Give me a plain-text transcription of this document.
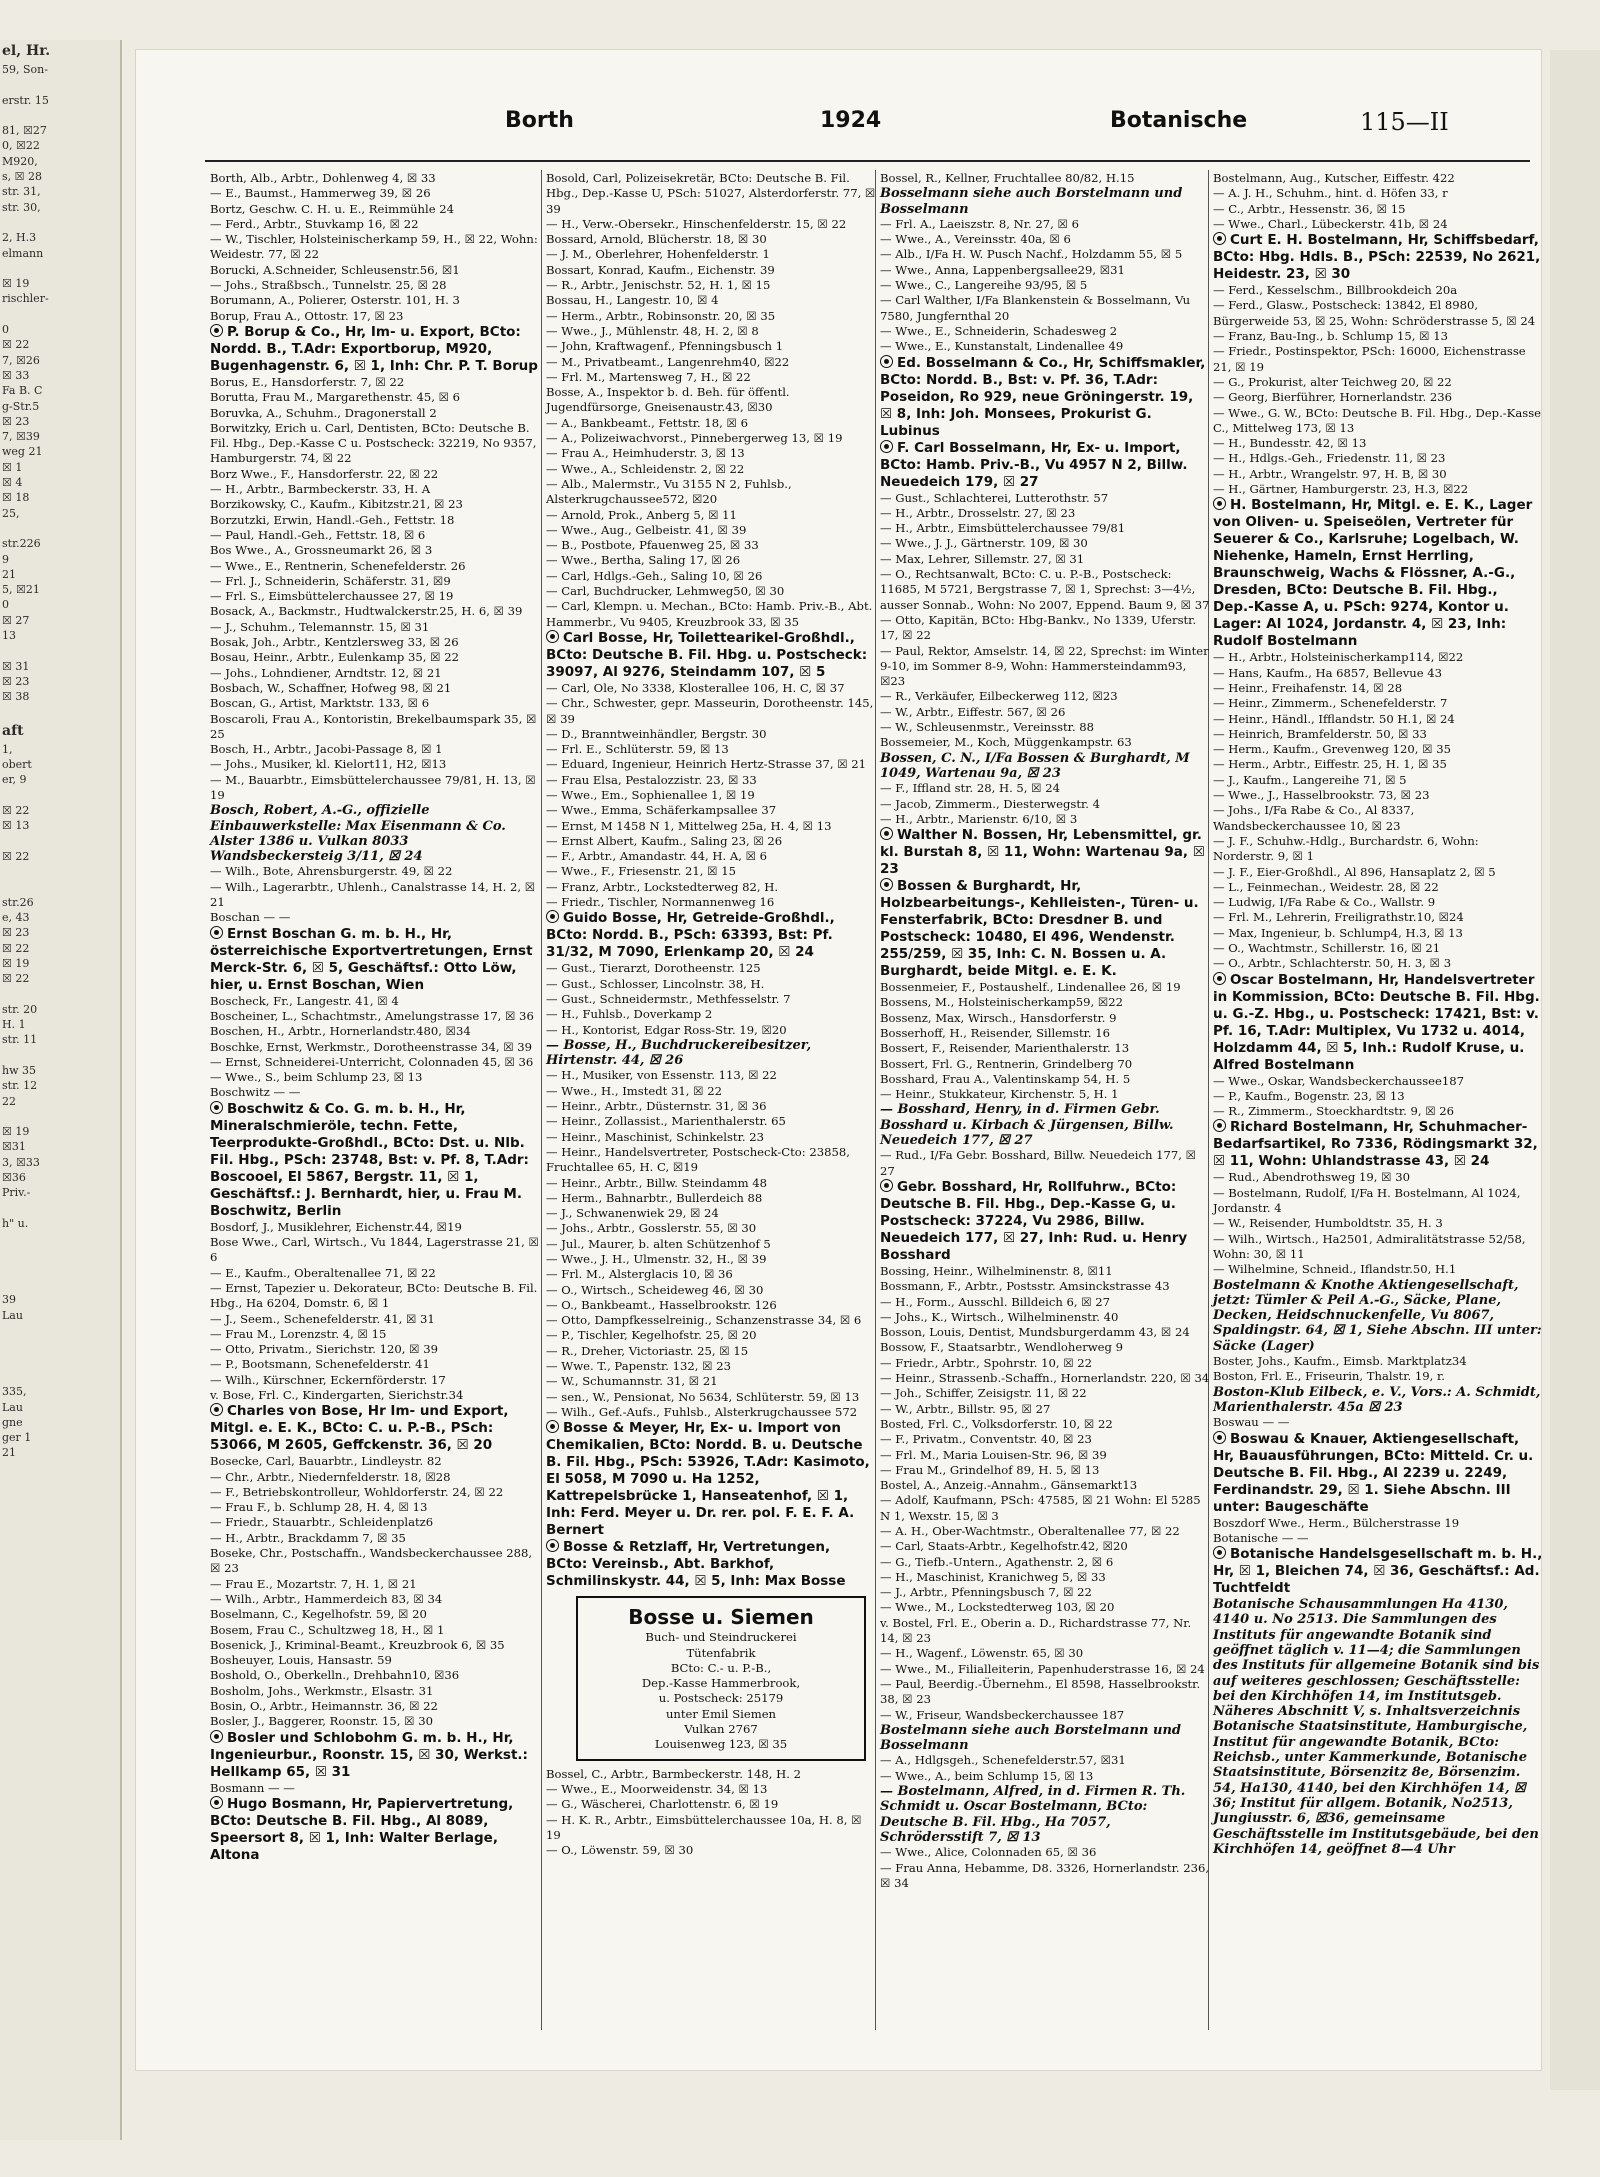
el, Hr.
59, Son-

erstr. 15

81, ☒27
0, ☒22
M920,
s, ☒ 28
str. 31,
str. 30,

2, H.3
elmann

☒ 19
rischler-

0
☒ 22
7, ☒26
☒ 33
Fa B. C
g-Str.5
☒ 23
7, ☒39
weg 21
☒ 1
☒ 4
☒ 18
25,

str.226
9
21
5, ☒21
0
☒ 27
13

☒ 31
☒ 23
☒ 38

aft
1,
obert
er, 9

☒ 22
☒ 13

☒ 22

str.26
e, 43
☒ 23
☒ 22
☒ 19
☒ 22

str. 20
H. 1
str. 11

hw 35
str. 12
22

☒ 19
☒31
3, ☒33
☒36
Priv.-

h" u.

39
Lau

335,
Lau
gne
ger 1
21
Borth	1924	Botanische	115—II
Borth, Alb., Arbtr., Dohlenweg 4, ☒ 33
— E., Baumst., Hammerweg 39, ☒ 26
Bortz, Geschw. C. H. u. E., Reimmühle 24
— Ferd., Arbtr., Stuvkamp 16, ☒ 22
— W., Tischler, Holsteinischerkamp 59, H., ☒ 22, Wohn: Weidestr. 77, ☒ 22
Borucki, A.Schneider, Schleusenstr.56, ☒1
— Johs., Straßbsch., Tunnelstr. 25, ☒ 28
Borumann, A., Polierer, Osterstr. 101, H. 3
Borup, Frau A., Ottostr. 17, ☒ 23
P. Borup & Co., Hr, Im- u. Export, BCto: Nordd. B., T.Adr: Exportborup, M920, Bugenhagenstr. 6, ☒ 1, Inh: Chr. P. T. Borup
Borus, E., Hansdorferstr. 7, ☒ 22
Borutta, Frau M., Margarethenstr. 45, ☒ 6
Boruvka, A., Schuhm., Dragonerstall 2
Borwitzky, Erich u. Carl, Dentisten, BCto: Deutsche B. Fil. Hbg., Dep.-Kasse C u. Postscheck: 32219, No 9357, Hamburgerstr. 74, ☒ 22
Borz Wwe., F., Hansdorferstr. 22, ☒ 22
— H., Arbtr., Barmbeckerstr. 33, H. A
Borzikowsky, C., Kaufm., Kibitzstr.21, ☒ 23
Borzutzki, Erwin, Handl.-Geh., Fettstr. 18
— Paul, Handl.-Geh., Fettstr. 18, ☒ 6
Bos Wwe., A., Grossneumarkt 26, ☒ 3
— Wwe., E., Rentnerin, Schenefelderstr. 26
— Frl. J., Schneiderin, Schäferstr. 31, ☒9
— Frl. S., Eimsbüttelerchaussee 27, ☒ 19
Bosack, A., Backmstr., Hudtwalckerstr.25, H. 6, ☒ 39
— J., Schuhm., Telemannstr. 15, ☒ 31
Bosak, Joh., Arbtr., Kentzlersweg 33, ☒ 26
Bosau, Heinr., Arbtr., Eulenkamp 35, ☒ 22
— Johs., Lohndiener, Arndtstr. 12, ☒ 21
Bosbach, W., Schaffner, Hofweg 98, ☒ 21
Boscan, G., Artist, Marktstr. 133, ☒ 6
Boscaroli, Frau A., Kontoristin, Brekelbaumspark 35, ☒ 25
Bosch, H., Arbtr., Jacobi-Passage 8, ☒ 1
— Johs., Musiker, kl. Kielort11, H2, ☒13
— M., Bauarbtr., Eimsbüttelerchaussee 79/81, H. 13, ☒ 19
Bosch, Robert, A.-G., offizielle Einbauwerkstelle: Max Eisenmann & Co. Alster 1386 u. Vulkan 8033 Wandsbeckersteig 3/11, ☒ 24
— Wilh., Bote, Ahrensburgerstr. 49, ☒ 22
— Wilh., Lagerarbtr., Uhlenh., Canalstrasse 14, H. 2, ☒ 21
Boschan — —
Ernst Boschan G. m. b. H., Hr, österreichische Exportvertretungen, Ernst Merck-Str. 6, ☒ 5, Geschäftsf.: Otto Löw, hier, u. Ernst Boschan, Wien
Boscheck, Fr., Langestr. 41, ☒ 4
Boscheiner, L., Schachtmstr., Amelungstrasse 17, ☒ 36
Boschen, H., Arbtr., Hornerlandstr.480, ☒34
Boschke, Ernst, Werkmstr., Dorotheenstrasse 34, ☒ 39
— Ernst, Schneiderei-Unterricht, Colonnaden 45, ☒ 36
— Wwe., S., beim Schlump 23, ☒ 13
Boschwitz — —
Boschwitz & Co. G. m. b. H., Hr, Mineralschmieröle, techn. Fette, Teerprodukte-Großhdl., BCto: Dst. u. Nlb. Fil. Hbg., PSch: 23748, Bst: v. Pf. 8, T.Adr: Boscooel, El 5867, Bergstr. 11, ☒ 1, Geschäftsf.: J. Bernhardt, hier, u. Frau M. Boschwitz, Berlin
Bosdorf, J., Musiklehrer, Eichenstr.44, ☒19
Bose Wwe., Carl, Wirtsch., Vu 1844, Lagerstrasse 21, ☒ 6
— E., Kaufm., Oberaltenallee 71, ☒ 22
— Ernst, Tapezier u. Dekorateur, BCto: Deutsche B. Fil. Hbg., Ha 6204, Domstr. 6, ☒ 1
— J., Seem., Schenefelderstr. 41, ☒ 31
— Frau M., Lorenzstr. 4, ☒ 15
— Otto, Privatm., Sierichstr. 120, ☒ 39
— P., Bootsmann, Schenefelderstr. 41
— Wilh., Kürschner, Eckernförderstr. 17
v. Bose, Frl. C., Kindergarten, Sierichstr.34
Charles von Bose, Hr Im- und Export, Mitgl. e. E. K., BCto: C. u. P.-B., PSch: 53066, M 2605, Geffckenstr. 36, ☒ 20
Bosecke, Carl, Bauarbtr., Lindleystr. 82
— Chr., Arbtr., Niedernfelderstr. 18, ☒28
— F., Betriebskontrolleur, Wohldorferstr. 24, ☒ 22
— Frau F., b. Schlump 28, H. 4, ☒ 13
— Friedr., Stauarbtr., Schleidenplatz6
— H., Arbtr., Brackdamm 7, ☒ 35
Boseke, Chr., Postschaffn., Wandsbeckerchaussee 288, ☒ 23
— Frau E., Mozartstr. 7, H. 1, ☒ 21
— Wilh., Arbtr., Hammerdeich 83, ☒ 34
Boselmann, C., Kegelhofstr. 59, ☒ 20
Bosem, Frau C., Schultzweg 18, H., ☒ 1
Bosenick, J., Kriminal-Beamt., Kreuzbrook 6, ☒ 35
Bosheuyer, Louis, Hansastr. 59
Boshold, O., Oberkelln., Drehbahn10, ☒36
Bosholm, Johs., Werkmstr., Elsastr. 31
Bosin, O., Arbtr., Heimannstr. 36, ☒ 22
Bosler, J., Baggerer, Roonstr. 15, ☒ 30
Bosler und Schlobohm G. m. b. H., Hr, Ingenieurbur., Roonstr. 15, ☒ 30, Werkst.: Hellkamp 65, ☒ 31
Bosmann — —
Hugo Bosmann, Hr, Papiervertretung, BCto: Deutsche B. Fil. Hbg., Al 8089, Speersort 8, ☒ 1, Inh: Walter Berlage, Altona
Bosold, Carl, Polizeisekretär, BCto: Deutsche B. Fil. Hbg., Dep.-Kasse U, PSch: 51027, Alsterdorferstr. 77, ☒ 39
— H., Verw.-Obersekr., Hinschenfelderstr. 15, ☒ 22
Bossard, Arnold, Blücherstr. 18, ☒ 30
— J. M., Oberlehrer, Hohenfelderstr. 1
Bossart, Konrad, Kaufm., Eichenstr. 39
— R., Arbtr., Jenischstr. 52, H. 1, ☒ 15
Bossau, H., Langestr. 10, ☒ 4
— Herm., Arbtr., Robinsonstr. 20, ☒ 35
— Wwe., J., Mühlenstr. 48, H. 2, ☒ 8
— John, Kraftwagenf., Pfenningsbusch 1
— M., Privatbeamt., Langenrehm40, ☒22
— Frl. M., Martensweg 7, H., ☒ 22
Bosse, A., Inspektor b. d. Beh. für öffentl. Jugendfürsorge, Gneisenaustr.43, ☒30
— A., Bankbeamt., Fettstr. 18, ☒ 6
— A., Polizeiwachvorst., Pinnebergerweg 13, ☒ 19
— Frau A., Heimhuderstr. 3, ☒ 13
— Wwe., A., Schleidenstr. 2, ☒ 22
— Alb., Malermstr., Vu 3155 N 2, Fuhlsb., Alsterkrugchaussee572, ☒20
— Arnold, Prok., Anberg 5, ☒ 11
— Wwe., Aug., Gelbeistr. 41, ☒ 39
— B., Postbote, Pfauenweg 25, ☒ 33
— Wwe., Bertha, Saling 17, ☒ 26
— Carl, Hdlgs.-Geh., Saling 10, ☒ 26
— Carl, Buchdrucker, Lehmweg50, ☒ 30
— Carl, Klempn. u. Mechan., BCto: Hamb. Priv.-B., Abt. Hammerbr., Vu 9405, Kreuzbrook 33, ☒ 35
Carl Bosse, Hr, Toilettearikel-Großhdl., BCto: Deutsche B. Fil. Hbg. u. Postscheck: 39097, Al 9276, Steindamm 107, ☒ 5
— Carl, Ole, No 3338, Klosterallee 106, H. C, ☒ 37
— Chr., Schwester, gepr. Masseurin, Dorotheenstr. 145, ☒ 39
— D., Branntweinhändler, Bergstr. 30
— Frl. E., Schlüterstr. 59, ☒ 13
— Eduard, Ingenieur, Heinrich Hertz-Strasse 37, ☒ 21
— Frau Elsa, Pestalozzistr. 23, ☒ 33
— Wwe., Em., Sophienallee 1, ☒ 19
— Wwe., Emma, Schäferkampsallee 37
— Ernst, M 1458 N 1, Mittelweg 25a, H. 4, ☒ 13
— Ernst Albert, Kaufm., Saling 23, ☒ 26
— F., Arbtr., Amandastr. 44, H. A, ☒ 6
— Wwe., F., Friesenstr. 21, ☒ 15
— Franz, Arbtr., Lockstedterweg 82, H.
— Friedr., Tischler, Normannenweg 16
Guido Bosse, Hr, Getreide-Großhdl., BCto: Nordd. B., PSch: 63393, Bst: Pf. 31/32, M 7090, Erlenkamp 20, ☒ 24
— Gust., Tierarzt, Dorotheenstr. 125
— Gust., Schlosser, Lincolnstr. 38, H.
— Gust., Schneidermstr., Methfesselstr. 7
— H., Fuhlsb., Doverkamp 2
— H., Kontorist, Edgar Ross-Str. 19, ☒20
— Bosse, H., Buchdruckereibesitzer, Hirtenstr. 44, ☒ 26
— H., Musiker, von Essenstr. 113, ☒ 22
— Wwe., H., Imstedt 31, ☒ 22
— Heinr., Arbtr., Düsternstr. 31, ☒ 36
— Heinr., Zollassist., Marienthalerstr. 65
— Heinr., Maschinist, Schinkelstr. 23
— Heinr., Handelsvertreter, Postscheck-Cto: 23858, Fruchtallee 65, H. C, ☒19
— Heinr., Arbtr., Billw. Steindamm 48
— Herm., Bahnarbtr., Bullerdeich 88
— J., Schwanenwiek 29, ☒ 24
— Johs., Arbtr., Gosslerstr. 55, ☒ 30
— Jul., Maurer, b. alten Schützenhof 5
— Wwe., J. H., Ulmenstr. 32, H., ☒ 39
— Frl. M., Alsterglacis 10, ☒ 36
— O., Wirtsch., Scheideweg 46, ☒ 30
— O., Bankbeamt., Hasselbrookstr. 126
— Otto, Dampfkesselreinig., Schanzenstrasse 34, ☒ 6
— P., Tischler, Kegelhofstr. 25, ☒ 20
— R., Dreher, Victoriastr. 25, ☒ 15
— Wwe. T., Papenstr. 132, ☒ 23
— W., Schumannstr. 31, ☒ 21
— sen., W., Pensionat, No 5634, Schlüterstr. 59, ☒ 13
— Wilh., Gef.-Aufs., Fuhlsb., Alsterkrugchaussee 572
Bosse & Meyer, Hr, Ex- u. Import von Chemikalien, BCto: Nordd. B. u. Deutsche B. Fil. Hbg., PSch: 53926, T.Adr: Kasimoto, El 5058, M 7090 u. Ha 1252, Kattrepelsbrücke 1, Hanseatenhof, ☒ 1, Inh: Ferd. Meyer u. Dr. rer. pol. F. E. F. A. Bernert
Bosse & Retzlaff, Hr, Vertretungen, BCto: Vereinsb., Abt. Barkhof, Schmilinskystr. 44, ☒ 5, Inh: Max Bosse
Bosse u. Siemen
Buch- und Steindruckerei
Tütenfabrik
BCto: C.- u. P.-B.,
Dep.-Kasse Hammerbrook,
u. Postscheck: 25179
unter Emil Siemen
Vulkan 2767
Louisenweg 123, ☒ 35
Bossel, C., Arbtr., Barmbeckerstr. 148, H. 2
— Wwe., E., Moorweidenstr. 34, ☒ 13
— G., Wäscherei, Charlottenstr. 6, ☒ 19
— H. K. R., Arbtr., Eimsbüttelerchaussee 10a, H. 8, ☒ 19
— O., Löwenstr. 59, ☒ 30
Bossel, R., Kellner, Fruchtallee 80/82, H.15
Bosselmann siehe auch Borstelmann und Bosselmann
— Frl. A., Laeiszstr. 8, Nr. 27, ☒ 6
— Wwe., A., Vereinsstr. 40a, ☒ 6
— Alb., I/Fa H. W. Pusch Nachf., Holzdamm 55, ☒ 5
— Wwe., Anna, Lappenbergsallee29, ☒31
— Wwe., C., Langereihe 93/95, ☒ 5
— Carl Walther, I/Fa Blankenstein & Bosselmann, Vu 7580, Jungfernthal 20
— Wwe., E., Schneiderin, Schadesweg 2
— Wwe., E., Kunstanstalt, Lindenallee 49
Ed. Bosselmann & Co., Hr, Schiffsmakler, BCto: Nordd. B., Bst: v. Pf. 36, T.Adr: Poseidon, Ro 929, neue Gröningerstr. 19, ☒ 8, Inh: Joh. Monsees, Prokurist G. Lubinus
F. Carl Bosselmann, Hr, Ex- u. Import, BCto: Hamb. Priv.-B., Vu 4957 N 2, Billw. Neuedeich 179, ☒ 27
— Gust., Schlachterei, Lutterothstr. 57
— H., Arbtr., Drosselstr. 27, ☒ 23
— H., Arbtr., Eimsbüttelerchaussee 79/81
— Wwe., J. J., Gärtnerstr. 109, ☒ 30
— Max, Lehrer, Sillemstr. 27, ☒ 31
— O., Rechtsanwalt, BCto: C. u. P.-B., Postscheck: 11685, M 5721, Bergstrasse 7, ☒ 1, Sprechst: 3—4½, ausser Sonnab., Wohn: No 2007, Eppend. Baum 9, ☒ 37
— Otto, Kapitän, BCto: Hbg-Bankv., No 1339, Uferstr. 17, ☒ 22
— Paul, Rektor, Amselstr. 14, ☒ 22, Sprechst: im Winter 9-10, im Sommer 8-9, Wohn: Hammersteindamm93, ☒23
— R., Verkäufer, Eilbeckerweg 112, ☒23
— W., Arbtr., Eiffestr. 567, ☒ 26
— W., Schleusenmstr., Vereinsstr. 88
Bossemeier, M., Koch, Müggenkampstr. 63
Bossen, C. N., I/Fa Bossen & Burghardt, M 1049, Wartenau 9a, ☒ 23
— F., Iffland str. 28, H. 5, ☒ 24
— Jacob, Zimmerm., Diesterwegstr. 4
— H., Arbtr., Marienstr. 6/10, ☒ 3
Walther N. Bossen, Hr, Lebensmittel, gr. kl. Burstah 8, ☒ 11, Wohn: Wartenau 9a, ☒ 23
Bossen & Burghardt, Hr, Holzbearbeitungs-, Kehlleisten-, Türen- u. Fensterfabrik, BCto: Dresdner B. und Postscheck: 10480, El 496, Wendenstr. 255/259, ☒ 35, Inh: C. N. Bossen u. A. Burghardt, beide Mitgl. e. E. K.
Bossenmeier, F., Postaushelf., Lindenallee 26, ☒ 19
Bossens, M., Holsteinischerkamp59, ☒22
Bossenz, Max, Wirsch., Hansdorferstr. 9
Bosserhoff, H., Reisender, Sillemstr. 16
Bossert, F., Reisender, Marienthalerstr. 13
Bossert, Frl. G., Rentnerin, Grindelberg 70
Bosshard, Frau A., Valentinskamp 54, H. 5
— Heinr., Stukkateur, Kirchenstr. 5, H. 1
— Bosshard, Henry, in d. Firmen Gebr. Bosshard u. Kirbach & Jürgensen, Billw. Neuedeich 177, ☒ 27
— Rud., I/Fa Gebr. Bosshard, Billw. Neuedeich 177, ☒ 27
Gebr. Bosshard, Hr, Rollfuhrw., BCto: Deutsche B. Fil. Hbg., Dep.-Kasse G, u. Postscheck: 37224, Vu 2986, Billw. Neuedeich 177, ☒ 27, Inh: Rud. u. Henry Bosshard
Bossing, Heinr., Wilhelminenstr. 8, ☒11
Bossmann, F., Arbtr., Postsstr. Amsinckstrasse 43
— H., Form., Ausschl. Billdeich 6, ☒ 27
— Johs., K., Wirtsch., Wilhelminenstr. 40
Bosson, Louis, Dentist, Mundsburgerdamm 43, ☒ 24
Bossow, F., Staatsarbtr., Wendloherweg 9
— Friedr., Arbtr., Spohrstr. 10, ☒ 22
— Heinr., Strassenb.-Schaffn., Hornerlandstr. 220, ☒ 34
— Joh., Schiffer, Zeisigstr. 11, ☒ 22
— W., Arbtr., Billstr. 95, ☒ 27
Bosted, Frl. C., Volksdorferstr. 10, ☒ 22
— F., Privatm., Conventstr. 40, ☒ 23
— Frl. M., Maria Louisen-Str. 96, ☒ 39
— Frau M., Grindelhof 89, H. 5, ☒ 13
Bostel, A., Anzeig.-Annahm., Gänsemarkt13
— Adolf, Kaufmann, PSch: 47585, ☒ 21 Wohn: El 5285 N 1, Wexstr. 15, ☒ 3
— A. H., Ober-Wachtmstr., Oberaltenallee 77, ☒ 22
— Carl, Staats-Arbtr., Kegelhofstr.42, ☒20
— G., Tiefb.-Untern., Agathenstr. 2, ☒ 6
— H., Maschinist, Kranichweg 5, ☒ 33
— J., Arbtr., Pfenningsbusch 7, ☒ 22
— Wwe., M., Lockstedterweg 103, ☒ 20
v. Bostel, Frl. E., Oberin a. D., Richardstrasse 77, Nr. 14, ☒ 23
— H., Wagenf., Löwenstr. 65, ☒ 30
— Wwe., M., Filialleiterin, Papenhuderstrasse 16, ☒ 24
— Paul, Beerdig.-Übernehm., El 8598, Hasselbrookstr. 38, ☒ 23
— W., Friseur, Wandsbeckerchaussee 187
Bostelmann siehe auch Borstelmann und Bosselmann
— A., Hdlgsgeh., Schenefelderstr.57, ☒31
— Wwe., A., beim Schlump 15, ☒ 13
— Bostelmann, Alfred, in d. Firmen R. Th. Schmidt u. Oscar Bostelmann, BCto: Deutsche B. Fil. Hbg., Ha 7057, Schrödersstift 7, ☒ 13
— Wwe., Alice, Colonnaden 65, ☒ 36
— Frau Anna, Hebamme, D8. 3326, Hornerlandstr. 236, ☒ 34
Bostelmann, Aug., Kutscher, Eiffestr. 422
— A. J. H., Schuhm., hint. d. Höfen 33, r
— C., Arbtr., Hessenstr. 36, ☒ 15
— Wwe., Charl., Lübeckerstr. 41b, ☒ 24
Curt E. H. Bostelmann, Hr, Schiffsbedarf, BCto: Hbg. Hdls. B., PSch: 22539, No 2621, Heidestr. 23, ☒ 30
— Ferd., Kesselschm., Billbrookdeich 20a
— Ferd., Glasw., Postscheck: 13842, El 8980, Bürgerweide 53, ☒ 25, Wohn: Schröderstrasse 5, ☒ 24
— Franz, Bau-Ing., b. Schlump 15, ☒ 13
— Friedr., Postinspektor, PSch: 16000, Eichenstrasse 21, ☒ 19
— G., Prokurist, alter Teichweg 20, ☒ 22
— Georg, Bierführer, Hornerlandstr. 236
— Wwe., G. W., BCto: Deutsche B. Fil. Hbg., Dep.-Kasse C., Mittelweg 173, ☒ 13
— H., Bundesstr. 42, ☒ 13
— H., Hdlgs.-Geh., Friedenstr. 11, ☒ 23
— H., Arbtr., Wrangelstr. 97, H. B, ☒ 30
— H., Gärtner, Hamburgerstr. 23, H.3, ☒22
H. Bostelmann, Hr, Mitgl. e. E. K., Lager von Oliven- u. Speiseölen, Vertreter für Seuerer & Co., Karlsruhe; Logelbach, W. Niehenke, Hameln, Ernst Herrling, Braunschweig, Wachs & Flössner, A.-G., Dresden, BCto: Deutsche B. Fil. Hbg., Dep.-Kasse A, u. PSch: 9274, Kontor u. Lager: Al 1024, Jordanstr. 4, ☒ 23, Inh: Rudolf Bostelmann
— H., Arbtr., Holsteinischerkamp114, ☒22
— Hans, Kaufm., Ha 6857, Bellevue 43
— Heinr., Freihafenstr. 14, ☒ 28
— Heinr., Zimmerm., Schenefelderstr. 7
— Heinr., Händl., Ifflandstr. 50 H.1, ☒ 24
— Heinrich, Bramfelderstr. 50, ☒ 33
— Herm., Kaufm., Grevenweg 120, ☒ 35
— Herm., Arbtr., Eiffestr. 25, H. 1, ☒ 35
— J., Kaufm., Langereihe 71, ☒ 5
— Wwe., J., Hasselbrookstr. 73, ☒ 23
— Johs., I/Fa Rabe & Co., Al 8337, Wandsbeckerchaussee 10, ☒ 23
— J. F., Schuhw.-Hdlg., Burchardstr. 6, Wohn: Norderstr. 9, ☒ 1
— J. F., Eier-Großhdl., Al 896, Hansaplatz 2, ☒ 5
— L., Feinmechan., Weidestr. 28, ☒ 22
— Ludwig, I/Fa Rabe & Co., Wallstr. 9
— Frl. M., Lehrerin, Freiligrathstr.10, ☒24
— Max, Ingenieur, b. Schlump4, H.3, ☒ 13
— O., Wachtmstr., Schillerstr. 16, ☒ 21
— O., Arbtr., Schlachterstr. 50, H. 3, ☒ 3
Oscar Bostelmann, Hr, Handelsvertreter in Kommission, BCto: Deutsche B. Fil. Hbg. u. G.-Z. Hbg., u. Postscheck: 17421, Bst: v. Pf. 16, T.Adr: Multiplex, Vu 1732 u. 4014, Holzdamm 44, ☒ 5, Inh.: Rudolf Kruse, u. Alfred Bostelmann
— Wwe., Oskar, Wandsbeckerchaussee187
— P., Kaufm., Bogenstr. 23, ☒ 13
— R., Zimmerm., Stoeckhardtstr. 9, ☒ 26
Richard Bostelmann, Hr, Schuhmacher-Bedarfsartikel, Ro 7336, Rödingsmarkt 32, ☒ 11, Wohn: Uhlandstrasse 43, ☒ 24
— Rud., Abendrothsweg 19, ☒ 30
— Bostelmann, Rudolf, I/Fa H. Bostelmann, Al 1024, Jordanstr. 4
— W., Reisender, Humboldtstr. 35, H. 3
— Wilh., Wirtsch., Ha2501, Admiralitätstrasse 52/58, Wohn: 30, ☒ 11
— Wilhelmine, Schneid., Iflandstr.50, H.1
Bostelmann & Knothe Aktiengesellschaft, jetzt: Tümler & Peil A.-G., Säcke, Plane, Decken, Heidschnuckenfelle, Vu 8067, Spaldingstr. 64, ☒ 1, Siehe Abschn. III unter: Säcke (Lager)
Boster, Johs., Kaufm., Eimsb. Marktplatz34
Boston, Frl. E., Friseurin, Thalstr. 19, r.
Boston-Klub Eilbeck, e. V., Vors.: A. Schmidt, Marienthalerstr. 45a ☒ 23
Boswau — —
Boswau & Knauer, Aktiengesellschaft, Hr, Bauausführungen, BCto: Mitteld. Cr. u. Deutsche B. Fil. Hbg., Al 2239 u. 2249, Ferdinandstr. 29, ☒ 1. Siehe Abschn. III unter: Baugeschäfte
Boszdorf Wwe., Herm., Bülcherstrasse 19
Botanische — —
Botanische Handelsgesellschaft m. b. H., Hr, ☒ 1, Bleichen 74, ☒ 36, Geschäftsf.: Ad. Tuchtfeldt
Botanische Schausammlungen Ha 4130, 4140 u. No 2513. Die Sammlungen des Instituts für angewandte Botanik sind geöffnet täglich v. 11—4; die Sammlungen des Instituts für allgemeine Botanik sind bis auf weiteres geschlossen; Geschäftsstelle: bei den Kirchhöfen 14, im Institutsgeb. Näheres Abschnitt V, s. Inhaltsverzeichnis
Botanische Staatsinstitute, Hamburgische, Institut für angewandte Botanik, BCto: Reichsb., unter Kammerkunde, Botanische Staatsinstitute, Börsenzitz 8e, Börsenzim. 54, Ha130, 4140, bei den Kirchhöfen 14, ☒ 36; Institut für allgem. Botanik, No2513, Jungiusstr. 6, ☒36, gemeinsame Geschäftsstelle im Institutsgebäude, bei den Kirchhöfen 14, geöffnet 8—4 Uhr
